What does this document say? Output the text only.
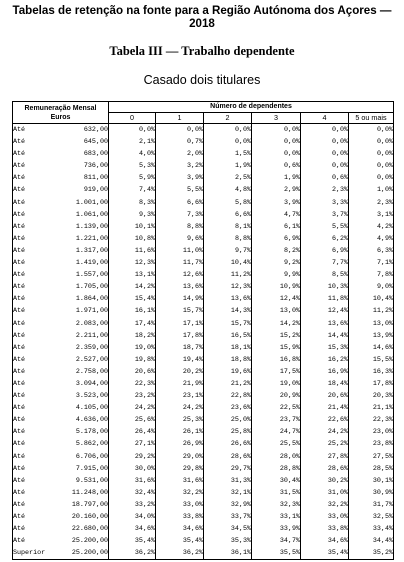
Tabelas de retenção na fonte para a Região Autónoma dos Açores — 2018
Tabela III — Trabalho dependente
Casado dois titulares
Remuneração Mensal
Euros	Número de dependentes					
	0	1	2	3	4	5 ou mais

Até 632,00	0,0%	0,0%	0,0%	0,0%	0,0%	0,0%

Até 645,00	2,1%	0,7%	0,0%	0,0%	0,0%	0,0%

Até 683,00	4,0%	2,0%	1,5%	0,0%	0,0%	0,0%

Até 736,00	5,3%	3,2%	1,9%	0,6%	0,0%	0,0%

Até 811,00	5,9%	3,9%	2,5%	1,9%	0,6%	0,0%

Até 919,00	7,4%	5,5%	4,8%	2,9%	2,3%	1,0%

Até 1.001,00	8,3%	6,6%	5,8%	3,9%	3,3%	2,3%

Até 1.061,00	9,3%	7,3%	6,6%	4,7%	3,7%	3,1%

Até 1.139,00	10,1%	8,8%	8,1%	6,1%	5,5%	4,2%

Até 1.221,00	10,8%	9,6%	8,8%	6,9%	6,2%	4,9%

Até 1.317,00	11,6%	11,0%	9,7%	8,2%	6,9%	6,3%

Até 1.419,00	12,3%	11,7%	10,4%	9,2%	7,7%	7,1%

Até 1.557,00	13,1%	12,6%	11,2%	9,9%	8,5%	7,8%

Até 1.705,00	14,2%	13,6%	12,3%	10,9%	10,3%	9,0%

Até 1.864,00	15,4%	14,9%	13,6%	12,4%	11,8%	10,4%

Até 1.971,00	16,1%	15,7%	14,3%	13,0%	12,4%	11,2%

Até 2.083,00	17,4%	17,1%	15,7%	14,2%	13,6%	13,0%

Até 2.211,00	18,2%	17,8%	16,5%	15,2%	14,4%	13,9%

Até 2.359,00	19,0%	18,7%	18,1%	15,9%	15,3%	14,6%

Até 2.527,00	19,8%	19,4%	18,8%	16,8%	16,2%	15,5%

Até 2.758,00	20,6%	20,2%	19,6%	17,5%	16,9%	16,3%

Até 3.094,00	22,3%	21,9%	21,2%	19,0%	18,4%	17,8%

Até 3.523,00	23,2%	23,1%	22,8%	20,9%	20,6%	20,3%

Até 4.105,00	24,2%	24,2%	23,6%	22,5%	21,4%	21,1%

Até 4.636,00	25,6%	25,3%	25,0%	23,7%	22,6%	22,3%

Até 5.178,00	26,4%	26,1%	25,8%	24,7%	24,2%	23,0%

Até 5.862,00	27,1%	26,9%	26,6%	25,5%	25,2%	23,8%

Até 6.706,00	29,2%	29,0%	28,6%	28,0%	27,8%	27,5%

Até 7.915,00	30,0%	29,8%	29,7%	28,8%	28,6%	28,5%

Até 9.531,00	31,6%	31,6%	31,3%	30,4%	30,2%	30,1%

Até 11.248,00	32,4%	32,2%	32,1%	31,5%	31,0%	30,9%

Até 18.797,00	33,2%	33,0%	32,9%	32,3%	32,2%	31,7%

Até 20.160,00	34,0%	33,8%	33,7%	33,1%	33,0%	32,5%

Até 22.680,00	34,6%	34,6%	34,5%	33,9%	33,8%	33,4%

Até 25.200,00	35,4%	35,4%	35,3%	34,7%	34,6%	34,4%

Superior 25.200,00	36,2%	36,2%	36,1%	35,5%	35,4%	35,2%
